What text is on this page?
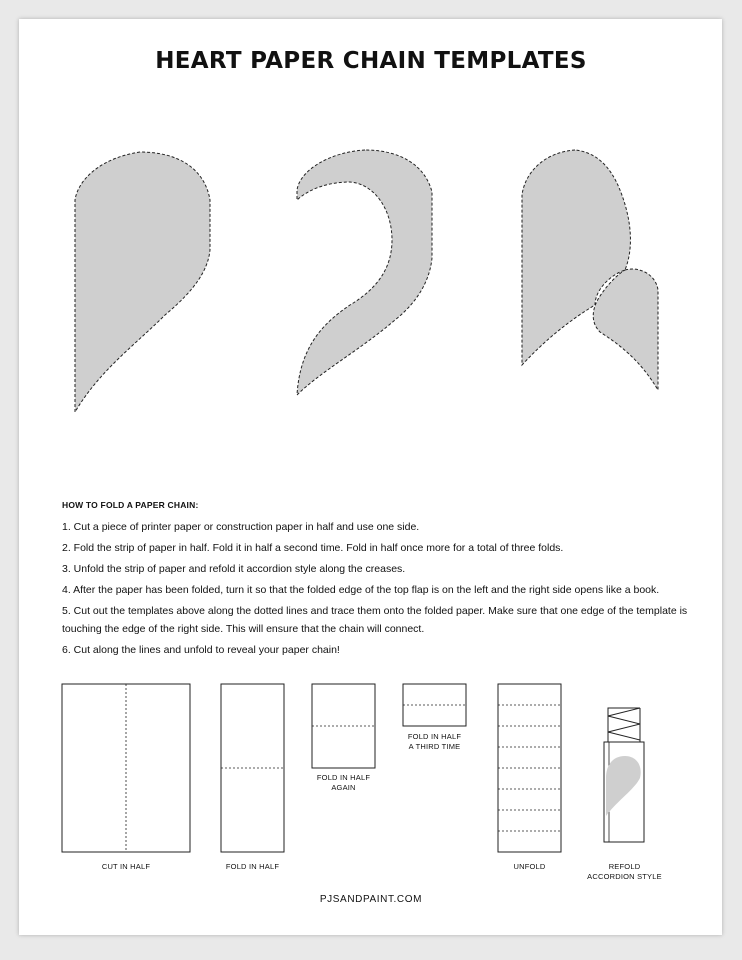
HEART PAPER CHAIN TEMPLATES
HOW TO FOLD A PAPER CHAIN:

1. Cut a piece of printer paper or construction paper in half and use one side.

2. Fold the strip of paper in half. Fold it in half a second time. Fold in half once more for a total of three folds.

3. Unfold the strip of paper and refold it accordion style along the creases.

4. After the paper has been folded, turn it so that the folded edge of the top flap is on the left and the right side opens like a book.

5. Cut out the templates above along the dotted lines and trace them onto the folded paper. Make sure that one edge of the template is touching the edge of the right side. This will ensure that the chain will connect.

6. Cut along the lines and unfold to reveal your paper chain!

CUT IN HALF	FOLD IN HALF
FOLD IN HALF
AGAIN
FOLD IN HALF
A THIRD TIME
UNFOLD	REFOLD
ACCORDION STYLE
PJSANDPAINT.COM
